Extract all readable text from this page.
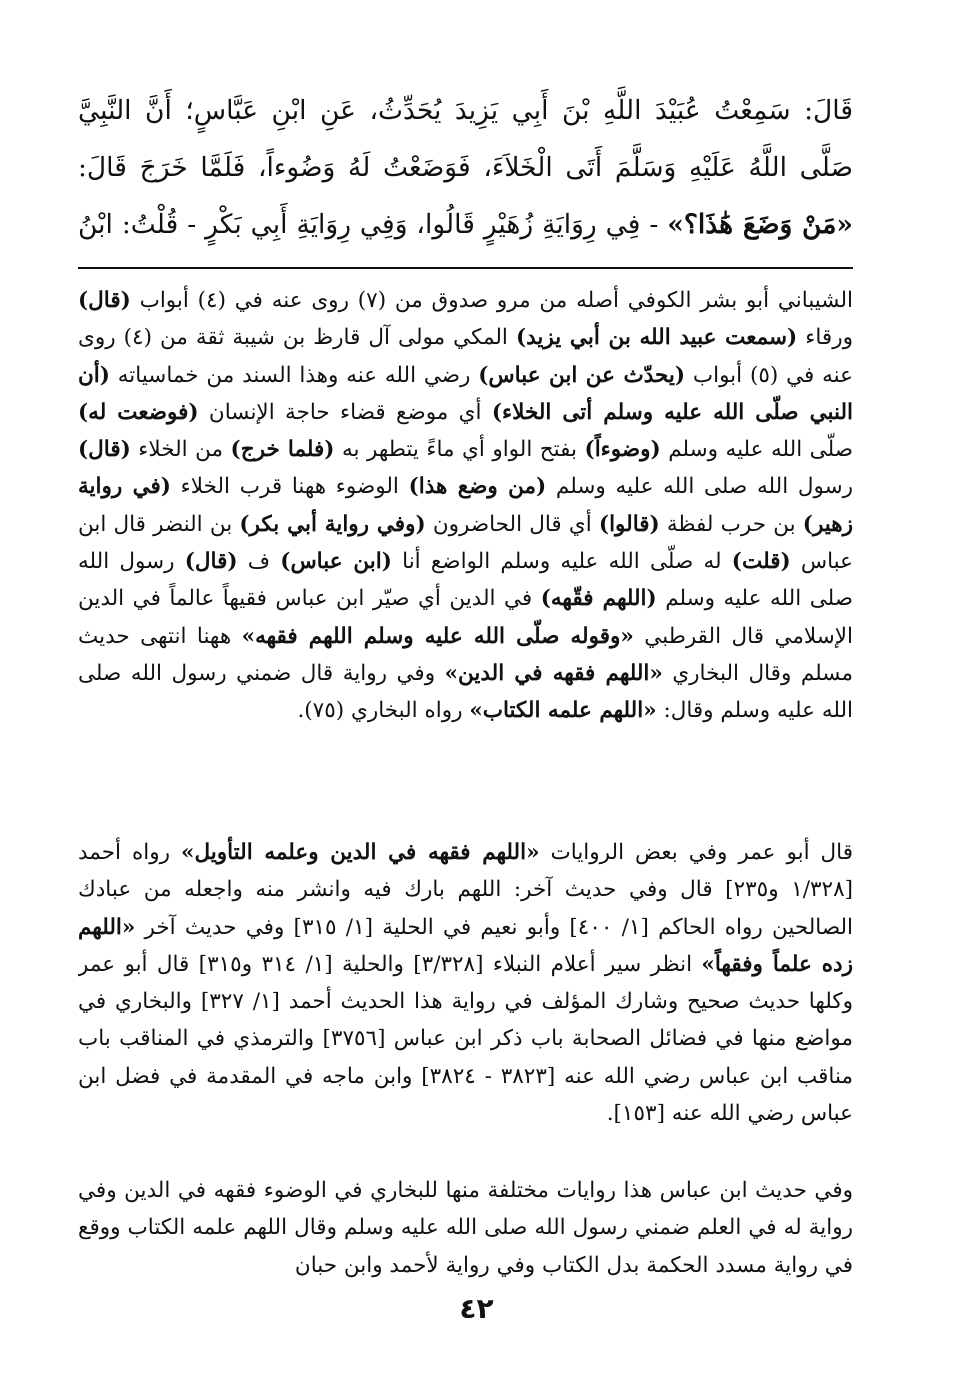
قَالَ: سَمِعْتُ عُبَيْدَ اللَّهِ بْنَ أَبِي يَزِيدَ يُحَدِّثُ، عَنِ ابْنِ عَبَّاسٍ؛ أَنَّ النَّبِيَّ صَلَّى اللَّهُ عَلَيْهِ وَسَلَّمَ أَتَى الْخَلاَءَ، فَوَضَعْتُ لَهُ وَضُوءاً، فَلَمَّا خَرَجَ قَالَ: «مَنْ وَضَعَ هَٰذَا؟» - فِي رِوَايَةِ زُهَيْرٍ قَالُوا، وَفِي رِوَايَةِ أَبِي بَكْرٍ - قُلْتُ: ابْنُ

الشيباني أبو بشر الكوفي أصله من مرو صدوق من (٧) روى عنه في (٤) أبواب (قال) ورقاء (سمعت عبيد الله بن أبي يزيد) المكي مولى آل قارظ بن شيبة ثقة من (٤) روى عنه في (٥) أبواب (يحدّث عن ابن عباس) رضي الله عنه وهذا السند من خماسياته (أن النبي صلّى الله عليه وسلم أتى الخلاء) أي موضع قضاء حاجة الإنسان (فوضعت له) صلّى الله عليه وسلم (وضوءاً) بفتح الواو أي ماءً يتطهر به (فلما خرج) من الخلاء (قال) رسول الله صلى الله عليه وسلم (من وضع هذا) الوضوء ههنا قرب الخلاء (في رواية زهير) بن حرب لفظة (قالوا) أي قال الحاضرون (وفي رواية أبي بكر) بن النضر قال ابن عباس (قلت) له صلّى الله عليه وسلم الواضع أنا (ابن عباس) ف (قال) رسول الله صلى الله عليه وسلم (اللهم فقّهه) في الدين أي صيّر ابن عباس فقيهاً عالماً في الدين الإسلامي قال القرطبي «وقوله صلّى الله عليه وسلم اللهم فقهه» ههنا انتهى حديث مسلم وقال البخاري «اللهم فقهه في الدين» وفي رواية قال ضمني رسول الله صلى الله عليه وسلم وقال: «اللهم علمه الكتاب» رواه البخاري (٧٥).

قال أبو عمر وفي بعض الروايات «اللهم فقهه في الدين وعلمه التأويل» رواه أحمد [١/٣٢٨ و٢٣٥] قال وفي حديث آخر: اللهم بارك فيه وانشر منه واجعله من عبادك الصالحين رواه الحاكم [١/ ٤٠٠] وأبو نعيم في الحلية [١/ ٣١٥] وفي حديث آخر «اللهم زده علماً وفقهاً» انظر سير أعلام النبلاء [٣/٣٢٨] والحلية [١/ ٣١٤ و٣١٥] قال أبو عمر وكلها حديث صحيح وشارك المؤلف في رواية هذا الحديث أحمد [١/ ٣٢٧] والبخاري في مواضع منها في فضائل الصحابة باب ذكر ابن عباس [٣٧٥٦] والترمذي في المناقب باب مناقب ابن عباس رضي الله عنه [٣٨٢٣ - ٣٨٢٤] وابن ماجه في المقدمة في فضل ابن عباس رضي الله عنه [١٥٣].

وفي حديث ابن عباس هذا روايات مختلفة منها للبخاري في الوضوء فقهه في الدين وفي رواية له في العلم ضمني رسول الله صلى الله عليه وسلم وقال اللهم علمه الكتاب ووقع في رواية مسدد الحكمة بدل الكتاب وفي رواية لأحمد وابن حبان

٤٢
